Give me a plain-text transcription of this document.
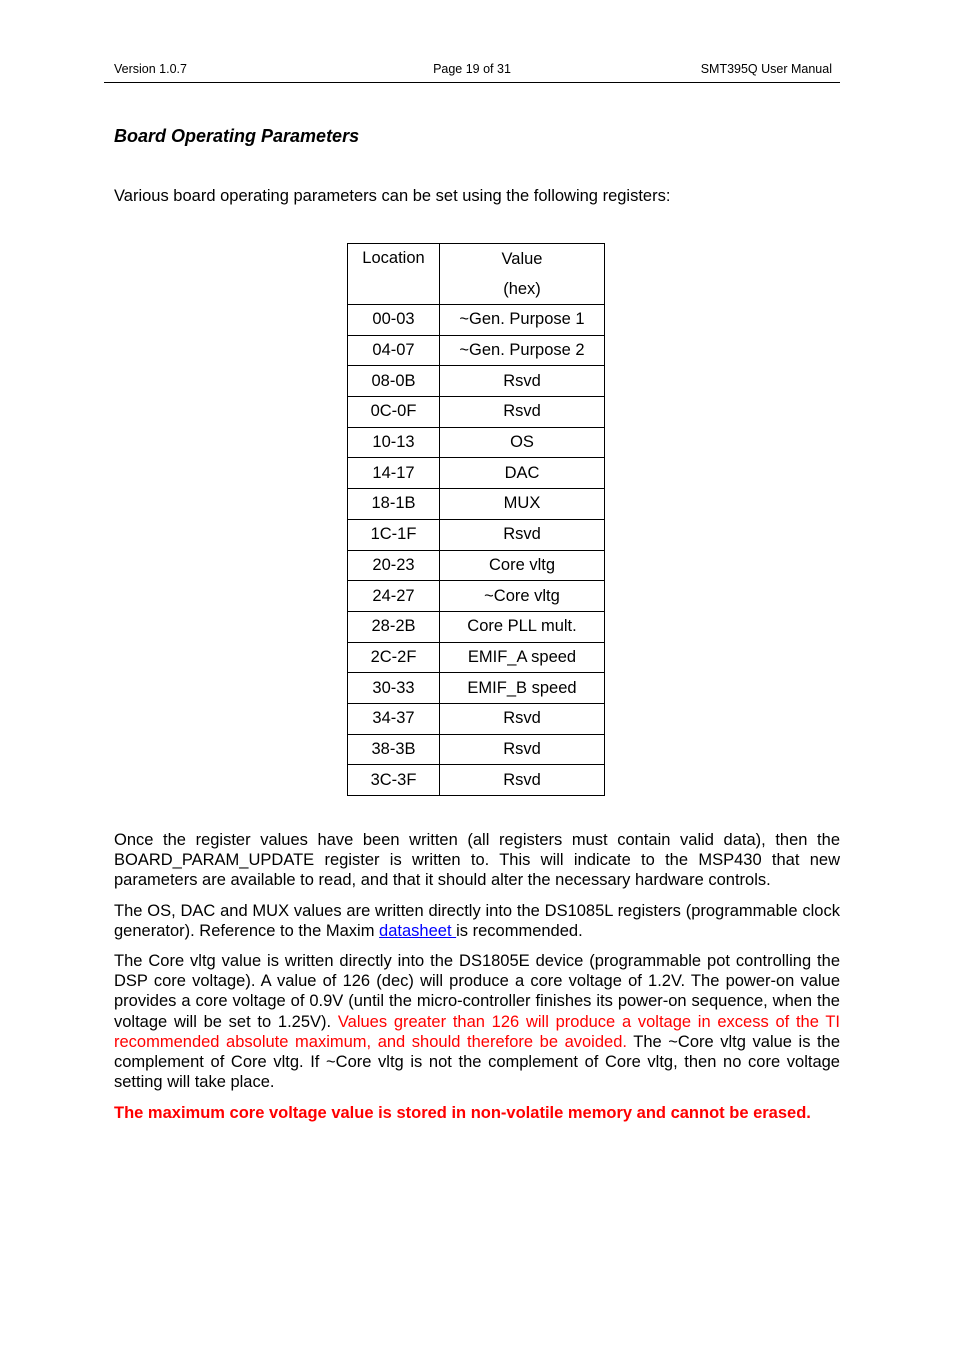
Version 1.0.7	Page 19 of 31	SMT395Q User Manual
Board Operating Parameters
Various board operating parameters can be set using the following registers:
Location	Value
(hex)
00-03	~Gen. Purpose 1
04-07	~Gen. Purpose 2
08-0B	Rsvd
0C-0F	Rsvd
10-13	OS
14-17	DAC
18-1B	MUX
1C-1F	Rsvd
20-23	Core vltg
24-27	~Core vltg
28-2B	Core PLL mult.
2C-2F	EMIF_A speed
30-33	EMIF_B speed
34-37	Rsvd
38-3B	Rsvd
3C-3F	Rsvd

Once the register values have been written (all registers must contain valid data), then the BOARD_PARAM_UPDATE register is written to. This will indicate to the MSP430 that new parameters are available to read, and that it should alter the necessary hardware controls.

The OS, DAC and MUX values are written directly into the DS1085L registers (programmable clock generator). Reference to the Maxim datasheet is recommended.

The Core vltg value is written directly into the DS1805E device (programmable pot controlling the DSP core voltage). A value of 126 (dec) will produce a core voltage of 1.2V. The power-on value provides a core voltage of 0.9V (until the micro-controller finishes its power-on sequence, when the voltage will be set to 1.25V). Values greater than 126 will produce a voltage in excess of the TI recommended absolute maximum, and should therefore be avoided. The ~Core vltg value is the complement of Core vltg. If ~Core vltg is not the complement of Core vltg, then no core voltage setting will take place.

The maximum core voltage value is stored in non-volatile memory and cannot be erased.
